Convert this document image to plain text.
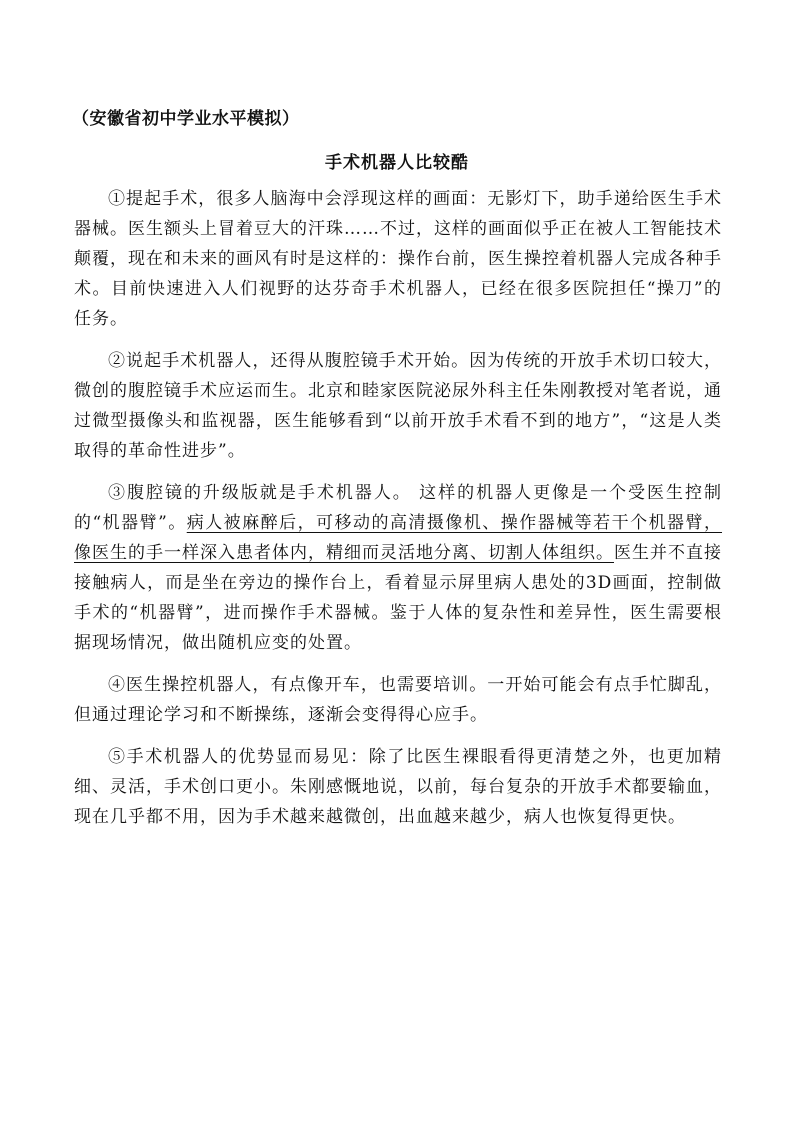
（安徽省初中学业水平模拟）
手术机器人比较酷

①提起手术，很多人脑海中会浮现这样的画面：无影灯下，助手递给医生手术器械。医生额头上冒着豆大的汗珠……不过，这样的画面似乎正在被人工智能技术颠覆，现在和未来的画风有时是这样的：操作台前，医生操控着机器人完成各种手术。目前快速进入人们视野的达芬奇手术机器人，已经在很多医院担任“操刀”的任务。

②说起手术机器人，还得从腹腔镜手术开始。因为传统的开放手术切口较大，微创的腹腔镜手术应运而生。北京和睦家医院泌尿外科主任朱刚教授对笔者说，通过微型摄像头和监视器，医生能够看到“以前开放手术看不到的地方”，“这是人类取得的革命性进步”。

③腹腔镜的升级版就是手术机器人。 这样的机器人更像是一个受医生控制的“机器臂”。病人被麻醉后，可移动的高清摄像机、操作器械等若干个机器臂，像医生的手一样深入患者体内，精细而灵活地分离、切割人体组织。医生并不直接接触病人，而是坐在旁边的操作台上，看着显示屏里病人患处的3D画面，控制做手术的“机器臂”，进而操作手术器械。鉴于人体的复杂性和差异性，医生需要根据现场情况，做出随机应变的处置。

④医生操控机器人，有点像开车，也需要培训。一开始可能会有点手忙脚乱，但通过理论学习和不断操练，逐渐会变得得心应手。

⑤手术机器人的优势显而易见：除了比医生裸眼看得更清楚之外，也更加精细、灵活，手术创口更小。朱刚感慨地说，以前，每台复杂的开放手术都要输血，现在几乎都不用，因为手术越来越微创，出血越来越少，病人也恢复得更快。
